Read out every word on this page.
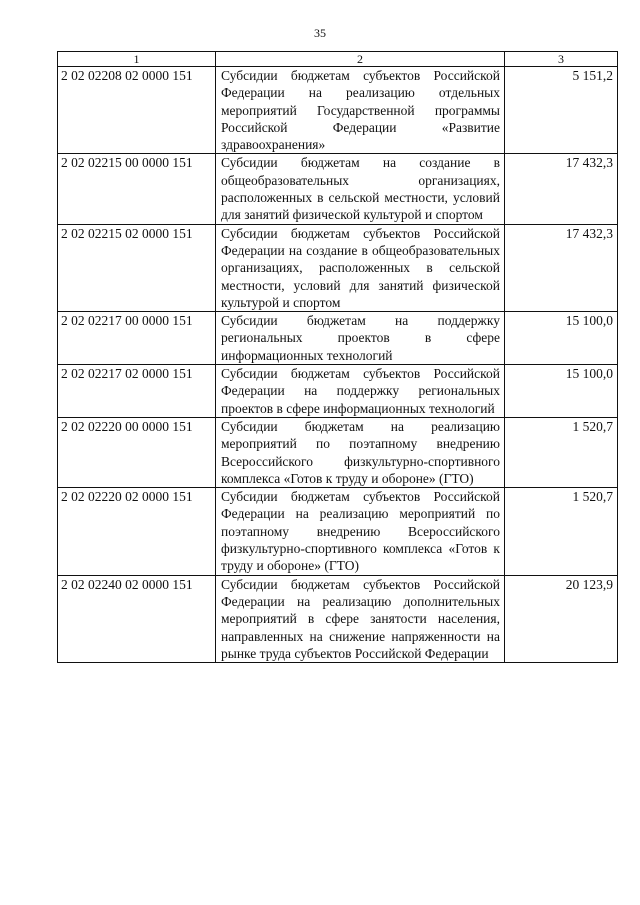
35
1	2	3
2 02 02208 02 0000 151	Субсидии бюджетам субъектов Российской Федерации на реализацию отдельных мероприятий Государственной программы Российской Федерации «Развитие здравоохранения»	5 151,2
2 02 02215 00 0000 151	Субсидии бюджетам на создание в общеобразовательных организациях, расположенных в сельской местности, условий для занятий физической культурой и спортом	17 432,3
2 02 02215 02 0000 151	Субсидии бюджетам субъектов Российской Федерации на создание в общеобразовательных организациях, расположенных в сельской местности, условий для занятий физической культурой и спортом	17 432,3
2 02 02217 00 0000 151	Субсидии бюджетам на поддержку региональных проектов в сфере информационных технологий	15 100,0
2 02 02217 02 0000 151	Субсидии бюджетам субъектов Российской Федерации на поддержку региональных проектов в сфере информационных технологий	15 100,0
2 02 02220 00 0000 151	Субсидии бюджетам на реализацию мероприятий по поэтапному внедрению Всероссийского физкультурно-спортивного комплекса «Готов к труду и обороне» (ГТО)	1 520,7
2 02 02220 02 0000 151	Субсидии бюджетам субъектов Российской Федерации на реализацию мероприятий по поэтапному внедрению Всероссийского физкультурно-спортивного комплекса «Готов к труду и обороне» (ГТО)	1 520,7
2 02 02240 02 0000 151	Субсидии бюджетам субъектов Российской Федерации на реализацию дополнительных мероприятий в сфере занятости населения, направленных на снижение напряженности на рынке труда субъектов Российской Федерации	20 123,9
